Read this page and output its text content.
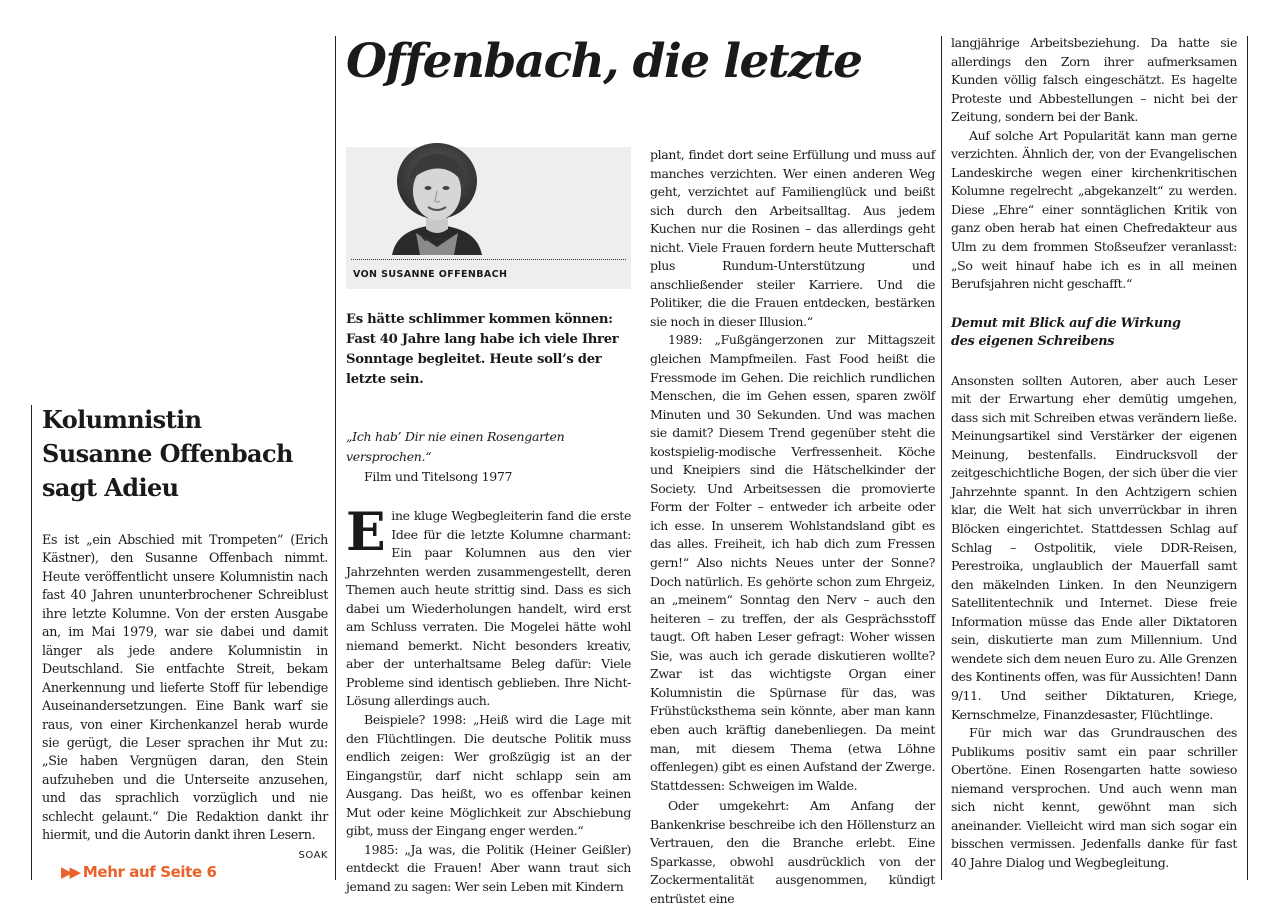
Kolumnistin
Susanne Offenbach
sagt Adieu

Es ist „ein Abschied mit Trompeten“ (Erich Kästner), den Susanne Offenbach nimmt. Heute veröffentlicht unsere Kolumnistin nach fast 40 Jahren ununterbrochener Schreiblust ihre letzte Kolumne. Von der ersten Ausgabe an, im Mai 1979, war sie dabei und damit länger als jede andere Kolumnistin in Deutschland. Sie entfachte Streit, bekam Anerkennung und lieferte Stoff für lebendige Auseinandersetzungen. Eine Bank warf sie raus, von einer Kirchenkanzel herab wurde sie gerügt, die Leser sprachen ihr Mut zu: „Sie haben Vergnügen daran, den Stein aufzuheben und die Unterseite anzusehen, und das sprachlich vorzüglich und nie schlecht gelaunt.“ Die Redaktion dankt ihr hiermit, und die Autorin dankt ihren Lesern.
SOAK

▶▶ Mehr auf Seite 6
Offenbach, die letzte
VON SUSANNE OFFENBACH

Es hätte schlimmer kommen können: Fast 40 Jahre lang habe ich viele Ihrer Sonntage begleitet. Heute soll’s der letzte sein.

„Ich hab’ Dir nie einen Rosengarten versprochen.“
Film und Titelsong 1977

Eine kluge Wegbegleiterin fand die erste Idee für die letzte Kolumne charmant: Ein paar Kolumnen aus den vier Jahrzehnten werden zusammengestellt, deren Themen auch heute strittig sind. Dass es sich dabei um Wiederholungen handelt, wird erst am Schluss verraten. Die Mogelei hätte wohl niemand bemerkt. Nicht besonders kreativ, aber der unterhaltsame Beleg dafür: Viele Probleme sind identisch geblieben. Ihre Nicht-Lösung allerdings auch.

Beispiele? 1998: „Heiß wird die Lage mit den Flüchtlingen. Die deutsche Politik muss endlich zeigen: Wer großzügig ist an der Eingangstür, darf nicht schlapp sein am Ausgang. Das heißt, wo es offenbar keinen Mut oder keine Möglichkeit zur Abschiebung gibt, muss der Eingang enger werden.“

1985: „Ja was, die Politik (Heiner Geißler) entdeckt die Frauen! Aber wann traut sich jemand zu sagen: Wer sein Leben mit Kindern

plant, findet dort seine Erfüllung und muss auf manches verzichten. Wer einen anderen Weg geht, verzichtet auf Familienglück und beißt sich durch den Arbeitsalltag. Aus jedem Kuchen nur die Rosinen – das allerdings geht nicht. Viele Frauen fordern heute Mutterschaft plus Rundum-Unterstützung und anschließender steiler Karriere. Und die Politiker, die die Frauen entdecken, bestärken sie noch in dieser Illusion.“

1989: „Fußgängerzonen zur Mittagszeit gleichen Mampfmeilen. Fast Food heißt die Fressmode im Gehen. Die reichlich rundlichen Menschen, die im Gehen essen, sparen zwölf Minuten und 30 Sekunden. Und was machen sie damit? Diesem Trend gegenüber steht die kostspielig-modische Verfressenheit. Köche und Kneipiers sind die Hätschelkinder der Society. Und Arbeitsessen die promovierte Form der Folter – entweder ich arbeite oder ich esse. In unserem Wohlstandsland gibt es das alles. Freiheit, ich hab dich zum Fressen gern!“ Also nichts Neues unter der Sonne? Doch natürlich. Es gehörte schon zum Ehrgeiz, an „meinem“ Sonntag den Nerv – auch den heiteren – zu treffen, der als Gesprächsstoff taugt. Oft haben Leser gefragt: Woher wissen Sie, was auch ich gerade diskutieren wollte? Zwar ist das wichtigste Organ einer Kolumnistin die Spürnase für das, was Frühstücksthema sein könnte, aber man kann eben auch kräftig danebenliegen. Da meint man, mit diesem Thema (etwa Löhne offenlegen) gibt es einen Aufstand der Zwerge. Stattdessen: Schweigen im Walde.

Oder umgekehrt: Am Anfang der Bankenkrise beschreibe ich den Höllensturz an Vertrauen, den die Branche erlebt. Eine Sparkasse, obwohl ausdrücklich von der Zockermentalität ausgenommen, kündigt entrüstet eine

langjährige Arbeitsbeziehung. Da hatte sie allerdings den Zorn ihrer aufmerksamen Kunden völlig falsch eingeschätzt. Es hagelte Proteste und Abbestellungen – nicht bei der Zeitung, sondern bei der Bank.

Auf solche Art Popularität kann man gerne verzichten. Ähnlich der, von der Evangelischen Landeskirche wegen einer kirchenkritischen Kolumne regelrecht „abgekanzelt“ zu werden. Diese „Ehre“ einer sonntäglichen Kritik von ganz oben herab hat einen Chefredakteur aus Ulm zu dem frommen Stoßseufzer veranlasst: „So weit hinauf habe ich es in all meinen Berufsjahren nicht geschafft.“

Demut mit Blick auf die Wirkung
des eigenen Schreibens

Ansonsten sollten Autoren, aber auch Leser mit der Erwartung eher demütig umgehen, dass sich mit Schreiben etwas verändern ließe. Meinungsartikel sind Verstärker der eigenen Meinung, bestenfalls. Eindrucksvoll der zeitgeschichtliche Bogen, der sich über die vier Jahrzehnte spannt. In den Achtzigern schien klar, die Welt hat sich unverrückbar in ihren Blöcken eingerichtet. Stattdessen Schlag auf Schlag – Ostpolitik, viele DDR-Reisen, Perestroika, unglaublich der Mauerfall samt den mäkelnden Linken. In den Neunzigern Satellitentechnik und Internet. Diese freie Information müsse das Ende aller Diktatoren sein, diskutierte man zum Millennium. Und wendete sich dem neuen Euro zu. Alle Grenzen des Kontinents offen, was für Aussichten! Dann 9/11. Und seither Diktaturen, Kriege, Kernschmelze, Finanzdesaster, Flüchtlinge.

Für mich war das Grundrauschen des Publikums positiv samt ein paar schriller Obertöne. Einen Rosengarten hatte sowieso niemand versprochen. Und auch wenn man sich nicht kennt, gewöhnt man sich aneinander. Vielleicht wird man sich sogar ein bisschen vermissen. Jedenfalls danke für fast 40 Jahre Dialog und Wegbegleitung.
